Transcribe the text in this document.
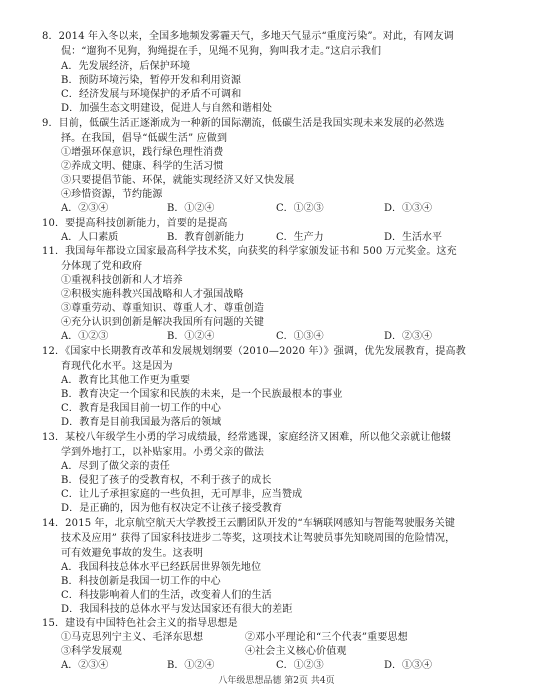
8．2014 年入冬以来，全国多地频发雾霾天气，多地天气显示“重度污染”。对此，有网友调
侃：“遛狗不见狗，狗绳提在手，见绳不见狗，狗叫我才走。”这启示我们
A．先发展经济，后保护环境
B．预防环境污染，暂停开发和利用资源
C．经济发展与环境保护的矛盾不可调和
D．加强生态文明建设，促进人与自然和谐相处
9．目前，低碳生活正逐渐成为一种新的国际潮流，低碳生活是我国实现未来发展的必然选
择。在我国，倡导“低碳生活” 应做到
①增强环保意识，践行绿色理性消费
②养成文明、健康、科学的生活习惯
③只要提倡节能、环保，就能实现经济又好又快发展
④珍惜资源，节约能源
A．②③④	B．①②④	C．①②③	D．①③④
10．要提高科技创新能力，首要的是提高
A．人口素质	B．教育创新能力	C．生产力	D．生活水平
11．我国每年都设立国家最高科学技术奖，向获奖的科学家颁发证书和 500 万元奖金。这充
分体现了党和政府
①重视科技创新和人才培养
②积极实施科教兴国战略和人才强国战略
③尊重劳动、尊重知识、尊重人才、尊重创造
④充分认识到创新是解决我国所有问题的关键
A．①②③	B．①②④	C．①③④	D．②③④
12．《国家中长期教育改革和发展规划纲要（2010—2020 年）》强调，优先发展教育，提高教
育现代化水平。这是因为
A．教育比其他工作更为重要
B．教育决定一个国家和民族的未来，是一个民族最根本的事业
C．教育是我国目前一切工作的中心
D．教育是目前我国最为落后的领域
13．某校八年级学生小勇的学习成绩最，经常逃课，家庭经济又困难，所以他父亲就让他辍
学到外地打工，以补贴家用。小勇父亲的做法
A．尽到了做父亲的责任
B．侵犯了孩子的受教育权，不利于孩子的成长
C．让儿子承担家庭的一些负担，无可厚非，应当赞成
D．是正确的，因为他有权决定不让孩子接受教育
14．2015 年，北京航空航天大学教授王云鹏团队开发的“车辆联网感知与智能驾驶服务关键
技术及应用” 获得了国家科技进步二等奖，这项技术让驾驶员事先知晓周围的危险情况，
可有效避免事故的发生。这表明
A．我国科技总体水平已经跃居世界领先地位
B．科技创新是我国一切工作的中心
C．科技影响着人们的生活，改变着人们的生活
D．我国科技的总体水平与发达国家还有很大的差距
15．建设有中国特色社会主义的指导思想是
①马克思列宁主义、毛泽东思想	②邓小平理论和“三个代表”重要思想
③科学发展观	④社会主义核心价值观
A．②③④	B．①②④	C．①②③	D．①③④
八年级思想品德 第2页 共4页
